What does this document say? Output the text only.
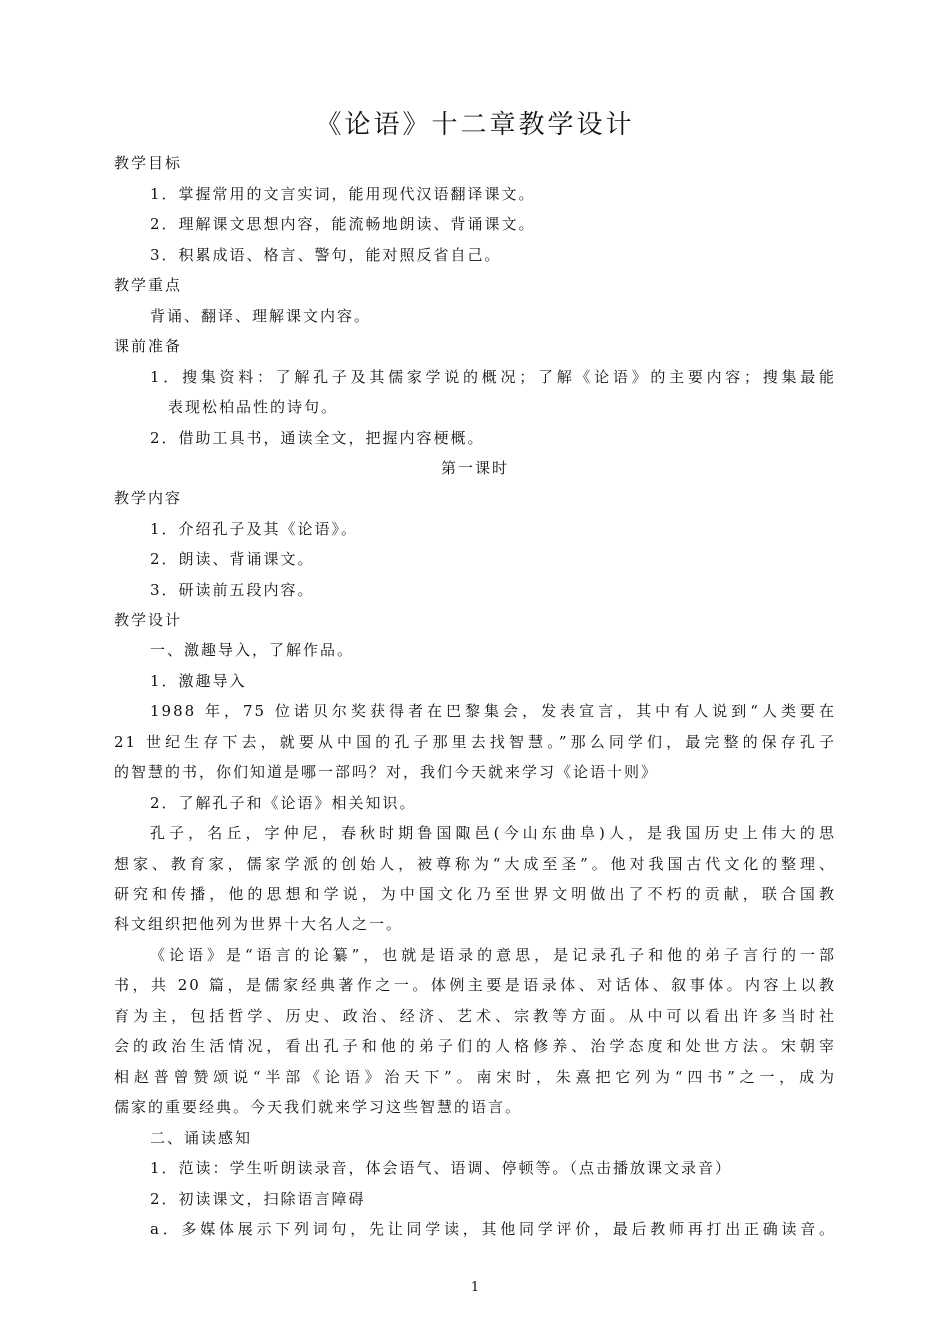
《论语》十二章教学设计
教学目标
1．掌握常用的文言实词，能用现代汉语翻译课文。
2．理解课文思想内容，能流畅地朗读、背诵课文。
3．积累成语、格言、警句，能对照反省自己。
教学重点
背诵、翻译、理解课文内容。
课前准备
1．搜集资料：了解孔子及其儒家学说的概况；了解《论语》的主要内容；搜集最能
表现松柏品性的诗句。
2．借助工具书，通读全文，把握内容梗概。
第一课时
教学内容
1．介绍孔子及其《论语》。
2．朗读、背诵课文。
3．研读前五段内容。
教学设计
一、激趣导入，了解作品。
1．激趣导入
1988 年，75 位诺贝尔奖获得者在巴黎集会，发表宣言，其中有人说到“人类要在
21 世纪生存下去，就要从中国的孔子那里去找智慧。”那么同学们，最完整的保存孔子
的智慧的书，你们知道是哪一部吗？对，我们今天就来学习《论语十则》
2．了解孔子和《论语》相关知识。
孔子，名丘，字仲尼，春秋时期鲁国陬邑(今山东曲阜)人，是我国历史上伟大的思
想家、教育家，儒家学派的创始人，被尊称为“大成至圣”。他对我国古代文化的整理、
研究和传播，他的思想和学说，为中国文化乃至世界文明做出了不朽的贡献，联合国教
科文组织把他列为世界十大名人之一。
《论语》是“语言的论纂”，也就是语录的意思，是记录孔子和他的弟子言行的一部
书，共 20 篇，是儒家经典著作之一。体例主要是语录体、对话体、叙事体。内容上以教
育为主，包括哲学、历史、政治、经济、艺术、宗教等方面。从中可以看出许多当时社
会的政治生活情况，看出孔子和他的弟子们的人格修养、治学态度和处世方法。宋朝宰
相赵普曾赞颂说“半部《论语》治天下”。南宋时，朱熹把它列为“四书”之一，成为
儒家的重要经典。今天我们就来学习这些智慧的语言。
二、诵读感知
1．范读：学生听朗读录音，体会语气、语调、停顿等。（点击播放课文录音）
2．初读课文，扫除语言障碍
a．多媒体展示下列词句，先让同学读，其他同学评价，最后教师再打出正确读音。
1
